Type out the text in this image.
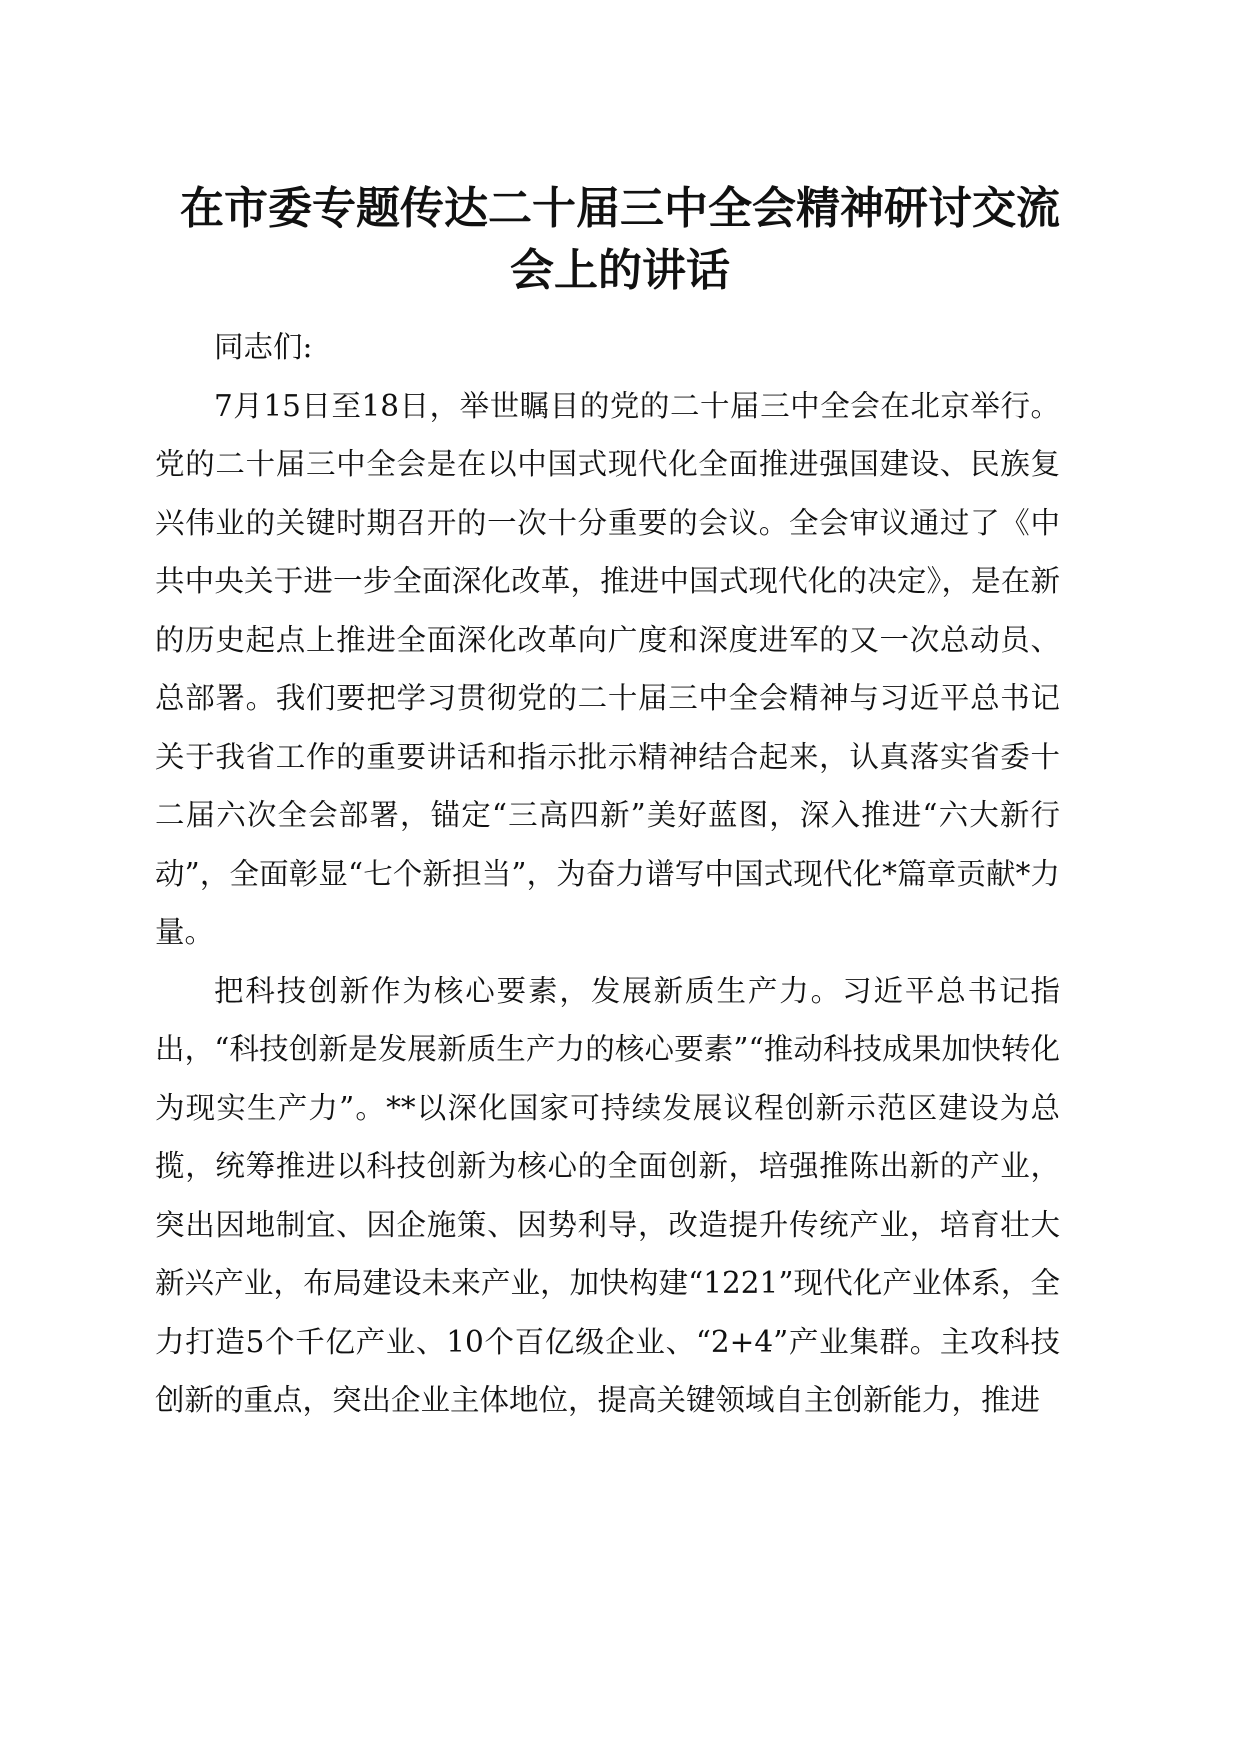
在市委专题传达二十届三中全会精神研讨交流
会上的讲话

同志们:

7月15日至18日，举世瞩目的党的二十届三中全会在北京举行。党的二十届三中全会是在以中国式现代化全面推进强国建设、民族复兴伟业的关键时期召开的一次十分重要的会议。全会审议通过了《中共中央关于进一步全面深化改革，推进中国式现代化的决定》，是在新的历史起点上推进全面深化改革向广度和深度进军的又一次总动员、总部署。我们要把学习贯彻党的二十届三中全会精神与习近平总书记关于我省工作的重要讲话和指示批示精神结合起来，认真落实省委十二届六次全会部署，锚定“三高四新”美好蓝图，深入推进“六大新行动”，全面彰显“七个新担当”，为奋力谱写中国式现代化*篇章贡献*力量。

把科技创新作为核心要素，发展新质生产力。习近平总书记指出，“科技创新是发展新质生产力的核心要素”“推动科技成果加快转化为现实生产力”。**以深化国家可持续发展议程创新示范区建设为总揽，统筹推进以科技创新为核心的全面创新，培强推陈出新的产业，突出因地制宜、因企施策、因势利导，改造提升传统产业，培育壮大新兴产业，布局建设未来产业，加快构建“1221”现代化产业体系，全力打造5个千亿产业、10个百亿级企业、“2+4”产业集群。主攻科技创新的重点，突出企业主体地位，提高关键领域自主创新能力，推进
